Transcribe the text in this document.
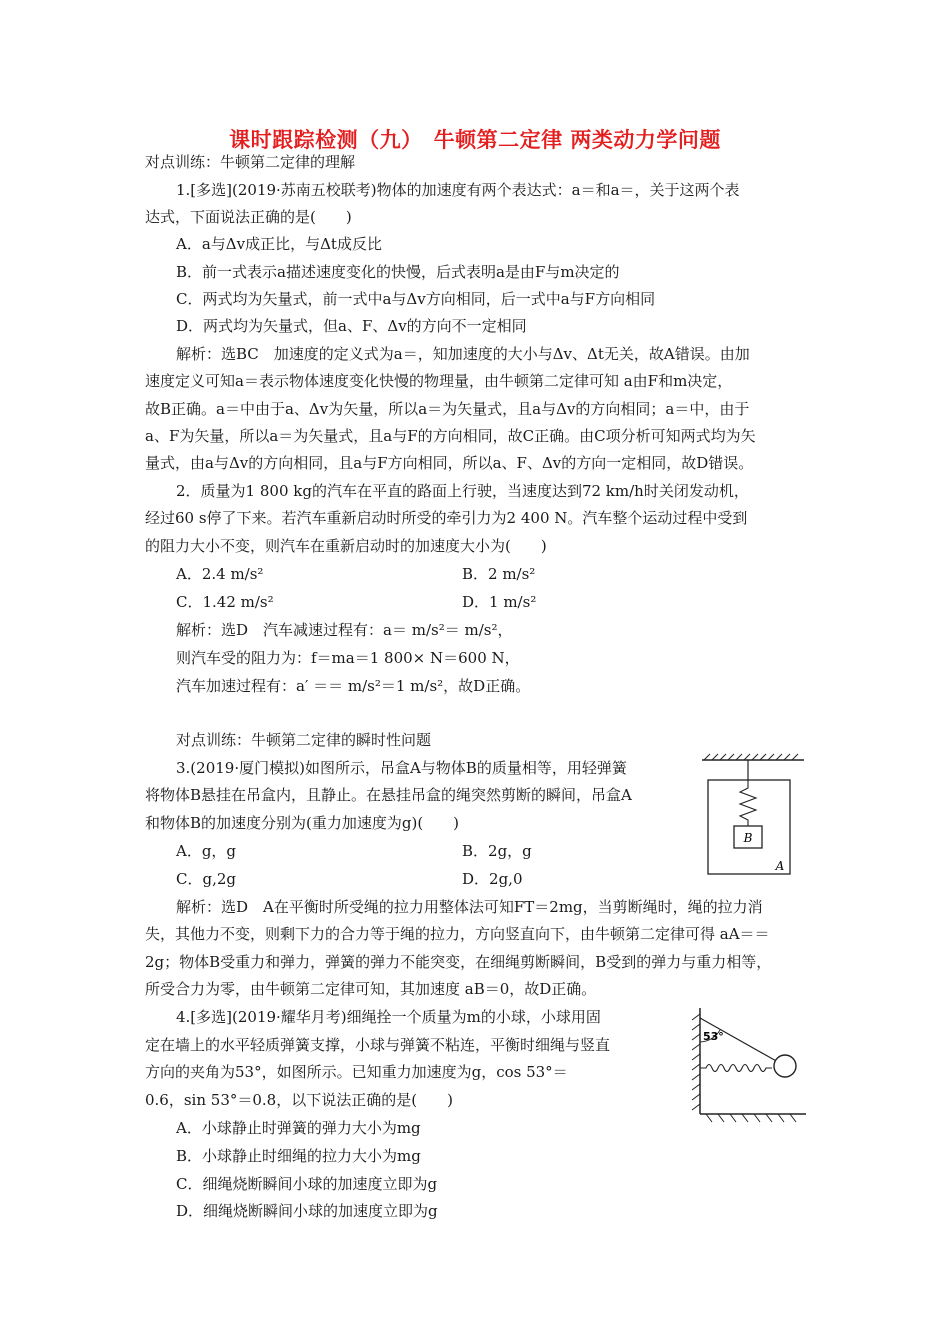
课时跟踪检测（九）　牛顿第二定律 两类动力学问题
对点训练：牛顿第二定律的理解
1.[多选](2019·苏南五校联考)物体的加速度有两个表达式：a＝和a＝，关于这两个表
达式，下面说法正确的是(　　)
A．a与Δv成正比，与Δt成反比
B．前一式表示a描述速度变化的快慢，后式表明a是由F与m决定的
C．两式均为矢量式，前一式中a与Δv方向相同，后一式中a与F方向相同
D．两式均为矢量式，但a、F、Δv的方向不一定相同
解析：选BC　加速度的定义式为a＝，知加速度的大小与Δv、Δt无关，故A错误。由加
速度定义可知a＝表示物体速度变化快慢的物理量，由牛顿第二定律可知 a由F和m决定，
故B正确。a＝中由于a、Δv为矢量，所以a＝为矢量式，且a与Δv的方向相同；a＝中，由于
a、F为矢量，所以a＝为矢量式，且a与F的方向相同，故C正确。由C项分析可知两式均为矢
量式，由a与Δv的方向相同，且a与F方向相同，所以a、F、Δv的方向一定相同，故D错误。
2．质量为1 800 kg的汽车在平直的路面上行驶，当速度达到72 km/h时关闭发动机，
经过60 s停了下来。若汽车重新启动时所受的牵引力为2 400 N。汽车整个运动过程中受到
的阻力大小不变，则汽车在重新启动时的加速度大小为(　　)
A．2.4 m/s²	B．2 m/s²
C．1.42 m/s²	D．1 m/s²
解析：选D　汽车减速过程有：a＝ m/s²＝ m/s²，
则汽车受的阻力为：f＝ma＝1 800× N＝600 N，
汽车加速过程有：a′ ＝＝ m/s²＝1 m/s²，故D正确。
对点训练：牛顿第二定律的瞬时性问题
3.(2019·厦门模拟)如图所示，吊盒A与物体B的质量相等，用轻弹簧
将物体B悬挂在吊盒内，且静止。在悬挂吊盒的绳突然剪断的瞬间，吊盒A
和物体B的加速度分别为(重力加速度为g)(　　)
A．g，g	B．2g，g
C．g,2g	D．2g,0
B
A
解析：选D　A在平衡时所受绳的拉力用整体法可知FT＝2mg，当剪断绳时，绳的拉力消
失，其他力不变，则剩下力的合力等于绳的拉力，方向竖直向下，由牛顿第二定律可得 aA＝＝
2g；物体B受重力和弹力，弹簧的弹力不能突变，在细绳剪断瞬间，B受到的弹力与重力相等，
所受合力为零，由牛顿第二定律可知，其加速度 aB＝0，故D正确。
4.[多选](2019·耀华月考)细绳拴一个质量为m的小球，小球用固
定在墙上的水平轻质弹簧支撑，小球与弹簧不粘连，平衡时细绳与竖直
方向的夹角为53°，如图所示。已知重力加速度为g，cos 53°＝
0.6，sin 53°＝0.8，以下说法正确的是(　　)
A．小球静止时弹簧的弹力大小为mg
B．小球静止时细绳的拉力大小为mg
C．细绳烧断瞬间小球的加速度立即为g
D．细绳烧断瞬间小球的加速度立即为g
53°
